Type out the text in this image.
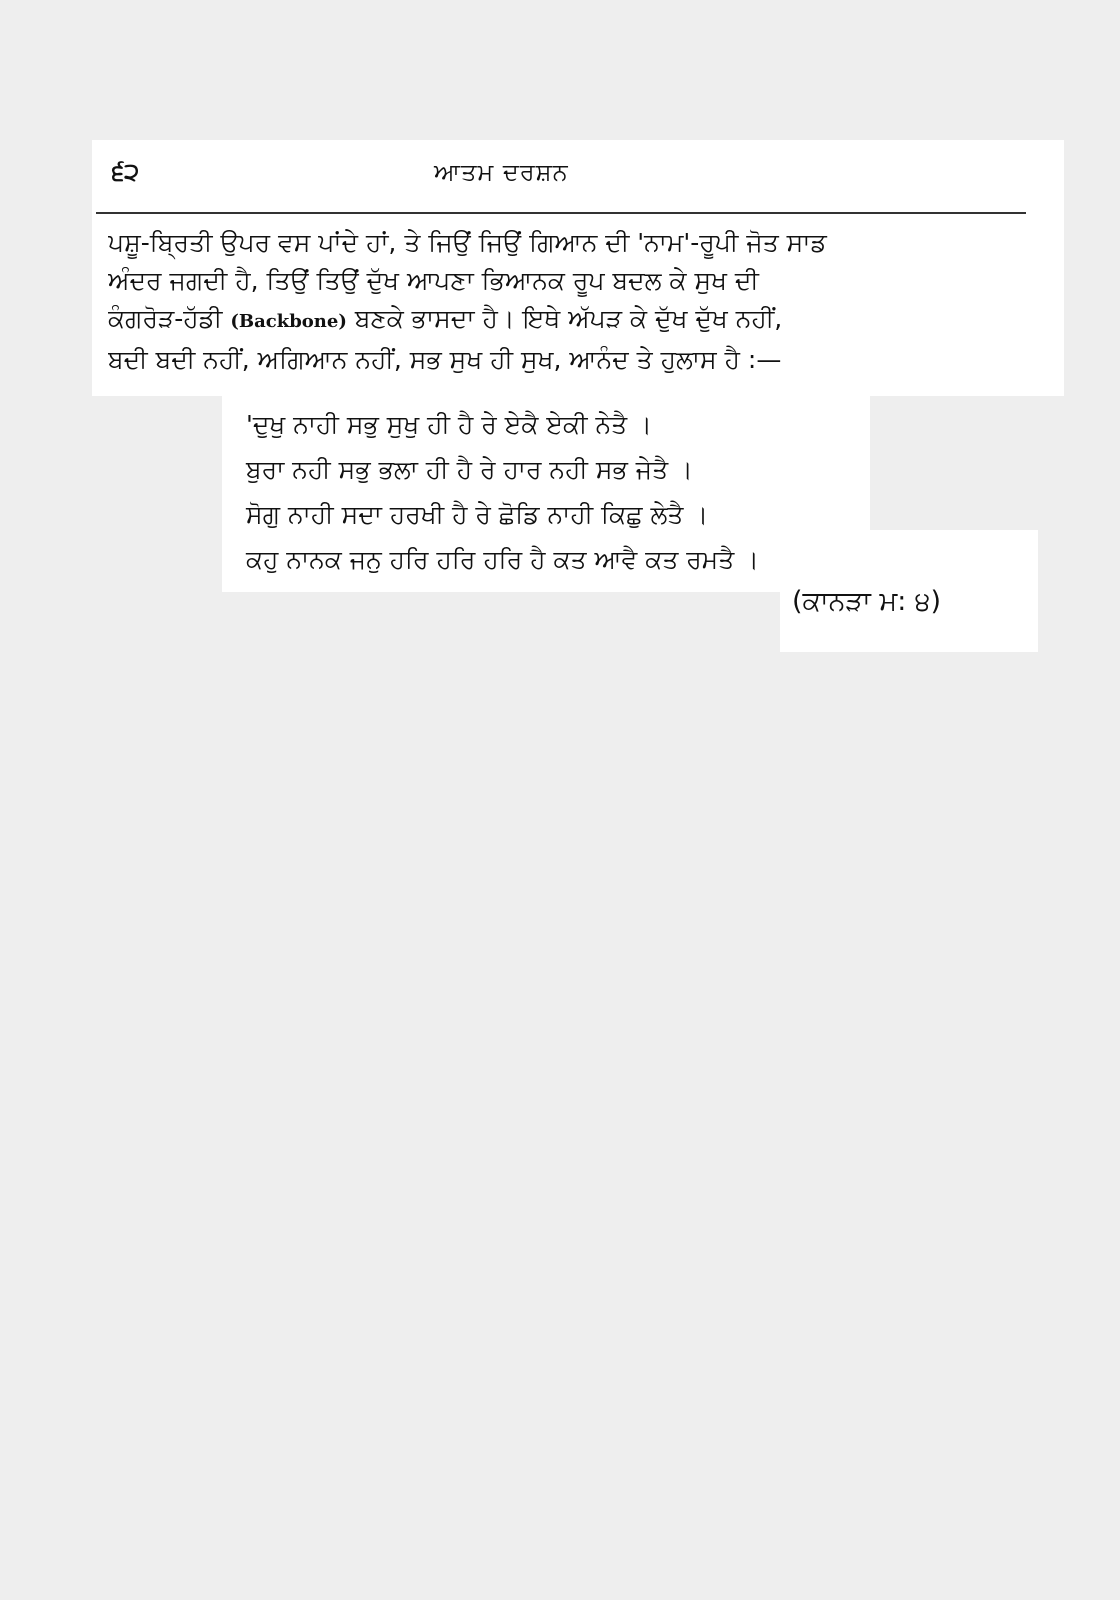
੬੨	ਆਤਮ ਦਰਸ਼ਨ
ਪਸ਼ੂ-ਬ੍ਰਿਤੀ ਉਪਰ ਵਸ ਪਾਂਦੇ ਹਾਂ, ਤੇ ਜਿਉਂ ਜਿਉਂ ਗਿਆਨ ਦੀ 'ਨਾਮ'-ਰੂਪੀ ਜੋਤ ਸਾਡ
ਅੰਦਰ ਜਗਦੀ ਹੈ, ਤਿਉਂ ਤਿਉਂ ਦੁੱਖ ਆਪਣਾ ਭਿਆਨਕ ਰੂਪ ਬਦਲ ਕੇ ਸੁਖ ਦੀ
ਕੰਗਰੋੜ-ਹੱਡੀ (Backbone) ਬਣਕੇ ਭਾਸਦਾ ਹੈ। ਇਥੇ ਅੱਪੜ ਕੇ ਦੁੱਖ ਦੁੱਖ ਨਹੀਂ,
ਬਦੀ ਬਦੀ ਨਹੀਂ, ਅਗਿਆਨ ਨਹੀਂ, ਸਭ ਸੁਖ ਹੀ ਸੁਖ, ਆਨੰਦ ਤੇ ਹੁਲਾਸ ਹੈ :—
'ਦੁਖੁ ਨਾਹੀ ਸਭੁ ਸੁਖੁ ਹੀ ਹੈ ਰੇ ਏਕੈ ਏਕੀ ਨੇਤੈ ।
ਬੁਰਾ ਨਹੀ ਸਭੁ ਭਲਾ ਹੀ ਹੈ ਰੇ ਹਾਰ ਨਹੀ ਸਭ ਜੇਤੈ ।
ਸੋਗੁ ਨਾਹੀ ਸਦਾ ਹਰਖੀ ਹੈ ਰੇ ਛੋਡਿ ਨਾਹੀ ਕਿਛੁ ਲੇਤੈ ।
ਕਹੁ ਨਾਨਕ ਜਨੁ ਹਰਿ ਹਰਿ ਹਰਿ ਹੈ ਕਤ ਆਵੈ ਕਤ ਰਮਤੈ ।
(ਕਾਨੜਾ ਮ: ੪)
